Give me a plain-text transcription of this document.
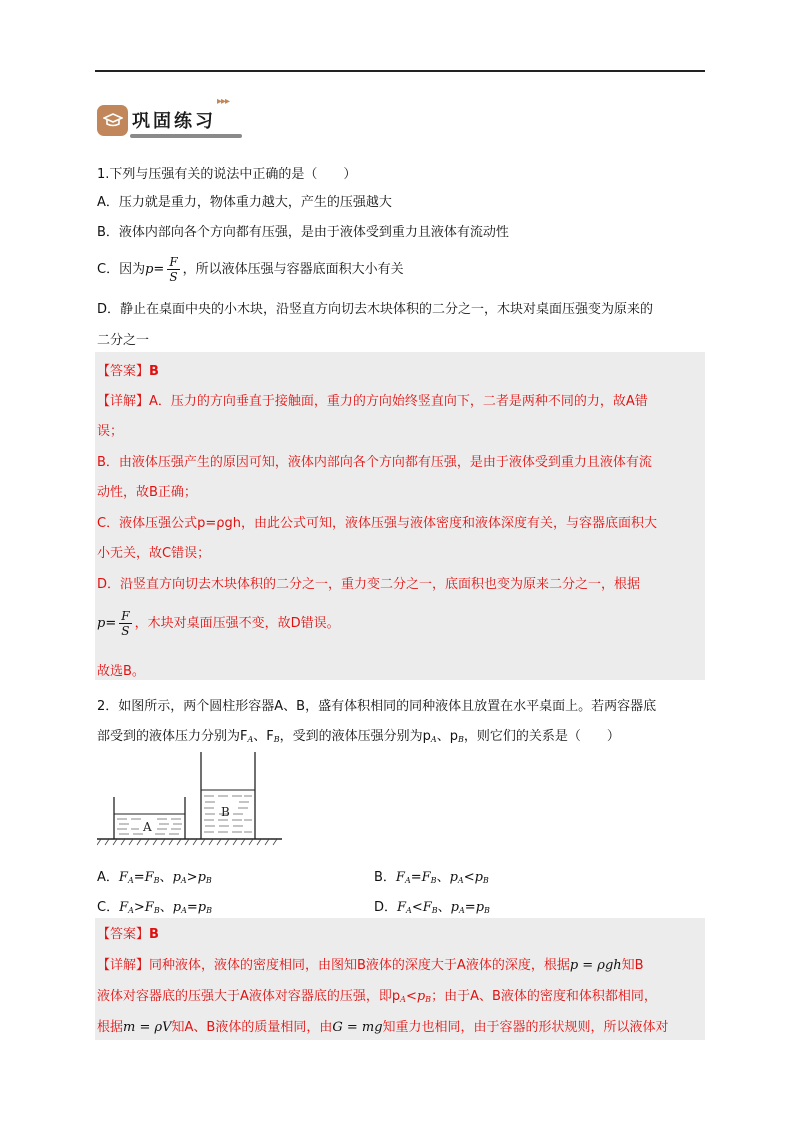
巩固练习
▸▸▸
1.下列与压强有关的说法中正确的是（　　）
A．压力就是重力，物体重力越大，产生的压强越大
B．液体内部向各个方向都有压强，是由于液体受到重力且液体有流动性
C．因为$p= \frac{F}{S}$ ，所以液体压强与容器底面积大小有关
D．静止在桌面中央的小木块，沿竖直方向切去木块体积的二分之一，木块对桌面压强变为原来的
二分之一
【答案】B
【详解】A．压力的方向垂直于接触面，重力的方向始终竖直向下，二者是两种不同的力，故A错
误；
B．由液体压强产生的原因可知，液体内部向各个方向都有压强，是由于液体受到重力且液体有流
动性，故B正确；
C．液体压强公式p=ρgh，由此公式可知，液体压强与液体密度和液体深度有关，与容器底面积大
小无关，故C错误；
D．沿竖直方向切去木块体积的二分之一，重力变二分之一，底面积也变为原来二分之一，根据
$p= \frac{F}{S}$ ，木块对桌面压强不变，故D错误。
故选B。
2．如图所示，两个圆柱形容器A、B，盛有体积相同的同种液体且放置在水平桌面上。若两容器底
部受到的液体压力分别为$F_A$、$F_B$，受到的液体压强分别为$p_A$、$p_B$，则它们的关系是（　　）
A
B
A．$F_A=F_B$、$p_A>p_B$	B．$F_A=F_B$、$p_A<p_B$
C．$F_A>F_B$、$p_A=p_B$	D．$F_A<F_B$、$p_A=p_B$
【答案】B
【详解】同种液体，液体的密度相同，由图知B液体的深度大于A液体的深度，根据p = ρgh知B
液体对容器底的压强大于A液体对容器底的压强，即$p_A<p_B$；由于A、B液体的密度和体积都相同，
根据m = ρV知A、B液体的质量相同，由G = mg知重力也相同，由于容器的形状规则，所以液体对
